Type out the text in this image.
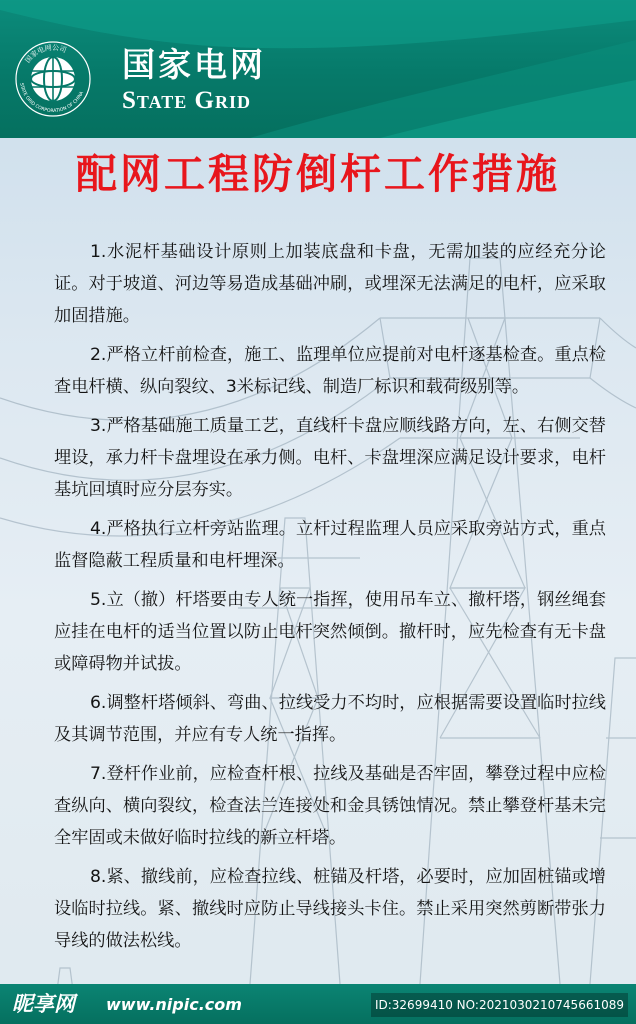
国家电网公司
STATE GRID CORPORATION OF CHINA
国家电网
State Grid
配网工程防倒杆工作措施

1.水泥杆基础设计原则上加装底盘和卡盘，无需加装的应经充分论证。对于坡道、河边等易造成基础冲刷，或埋深无法满足的电杆，应采取加固措施。

2.严格立杆前检查，施工、监理单位应提前对电杆逐基检查。重点检查电杆横、纵向裂纹、3米标记线、制造厂标识和载荷级别等。

3.严格基础施工质量工艺，直线杆卡盘应顺线路方向，左、右侧交替埋设，承力杆卡盘埋设在承力侧。电杆、卡盘埋深应满足设计要求，电杆基坑回填时应分层夯实。

4.严格执行立杆旁站监理。立杆过程监理人员应采取旁站方式，重点监督隐蔽工程质量和电杆埋深。

5.立（撤）杆塔要由专人统一指挥，使用吊车立、撤杆塔，钢丝绳套应挂在电杆的适当位置以防止电杆突然倾倒。撤杆时，应先检查有无卡盘或障碍物并试拔。

6.调整杆塔倾斜、弯曲、拉线受力不均时，应根据需要设置临时拉线及其调节范围，并应有专人统一指挥。

7.登杆作业前，应检查杆根、拉线及基础是否牢固，攀登过程中应检查纵向、横向裂纹，检查法兰连接处和金具锈蚀情况。禁止攀登杆基未完全牢固或未做好临时拉线的新立杆塔。

8.紧、撤线前，应检查拉线、桩锚及杆塔，必要时，应加固桩锚或增设临时拉线。紧、撤线时应防止导线接头卡住。禁止采用突然剪断带张力导线的做法松线。

昵享网 www.nipic.com	ID:32699410 NO:20210302107456610​89
